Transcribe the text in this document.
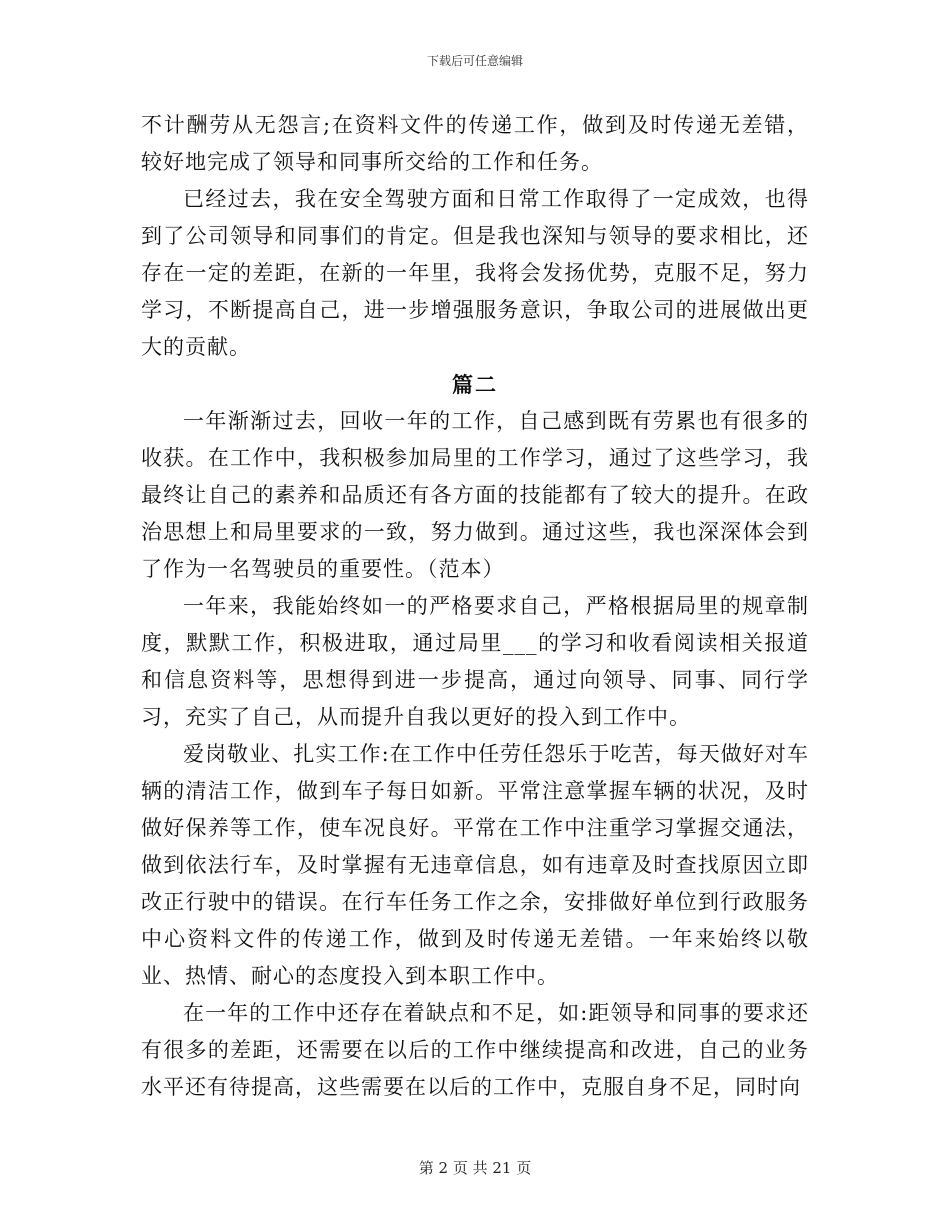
下载后可任意编辑

不计酬劳从无怨言;在资料文件的传递工作，做到及时传递无差错，较好地完成了领导和同事所交给的工作和任务。

已经过去，我在安全驾驶方面和日常工作取得了一定成效，也得到了公司领导和同事们的肯定。但是我也深知与领导的要求相比，还存在一定的差距，在新的一年里，我将会发扬优势，克服不足，努力学习，不断提高自己，进一步增强服务意识，争取公司的进展做出更大的贡献。

篇二

一年渐渐过去，回收一年的工作，自己感到既有劳累也有很多的收获。在工作中，我积极参加局里的工作学习，通过了这些学习，我最终让自己的素养和品质还有各方面的技能都有了较大的提升。在政治思想上和局里要求的一致，努力做到。通过这些，我也深深体会到了作为一名驾驶员的重要性。（范本）

一年来，我能始终如一的严格要求自己，严格根据局里的规章制度，默默工作，积极进取，通过局里___的学习和收看阅读相关报道和信息资料等，思想得到进一步提高，通过向领导、同事、同行学习，充实了自己，从而提升自我以更好的投入到工作中。

爱岗敬业、扎实工作:在工作中任劳任怨乐于吃苦，每天做好对车辆的清洁工作，做到车子每日如新。平常注意掌握车辆的状况，及时做好保养等工作，使车况良好。平常在工作中注重学习掌握交通法，做到依法行车，及时掌握有无违章信息，如有违章及时查找原因立即改正行驶中的错误。在行车任务工作之余，安排做好单位到行政服务中心资料文件的传递工作，做到及时传递无差错。一年来始终以敬业、热情、耐心的态度投入到本职工作中。

在一年的工作中还存在着缺点和不足，如:距领导和同事的要求还有很多的差距，还需要在以后的工作中继续提高和改进，自己的业务水平还有待提高，这些需要在以后的工作中，克服自身不足，同时向

第 2 页 共 21 页
